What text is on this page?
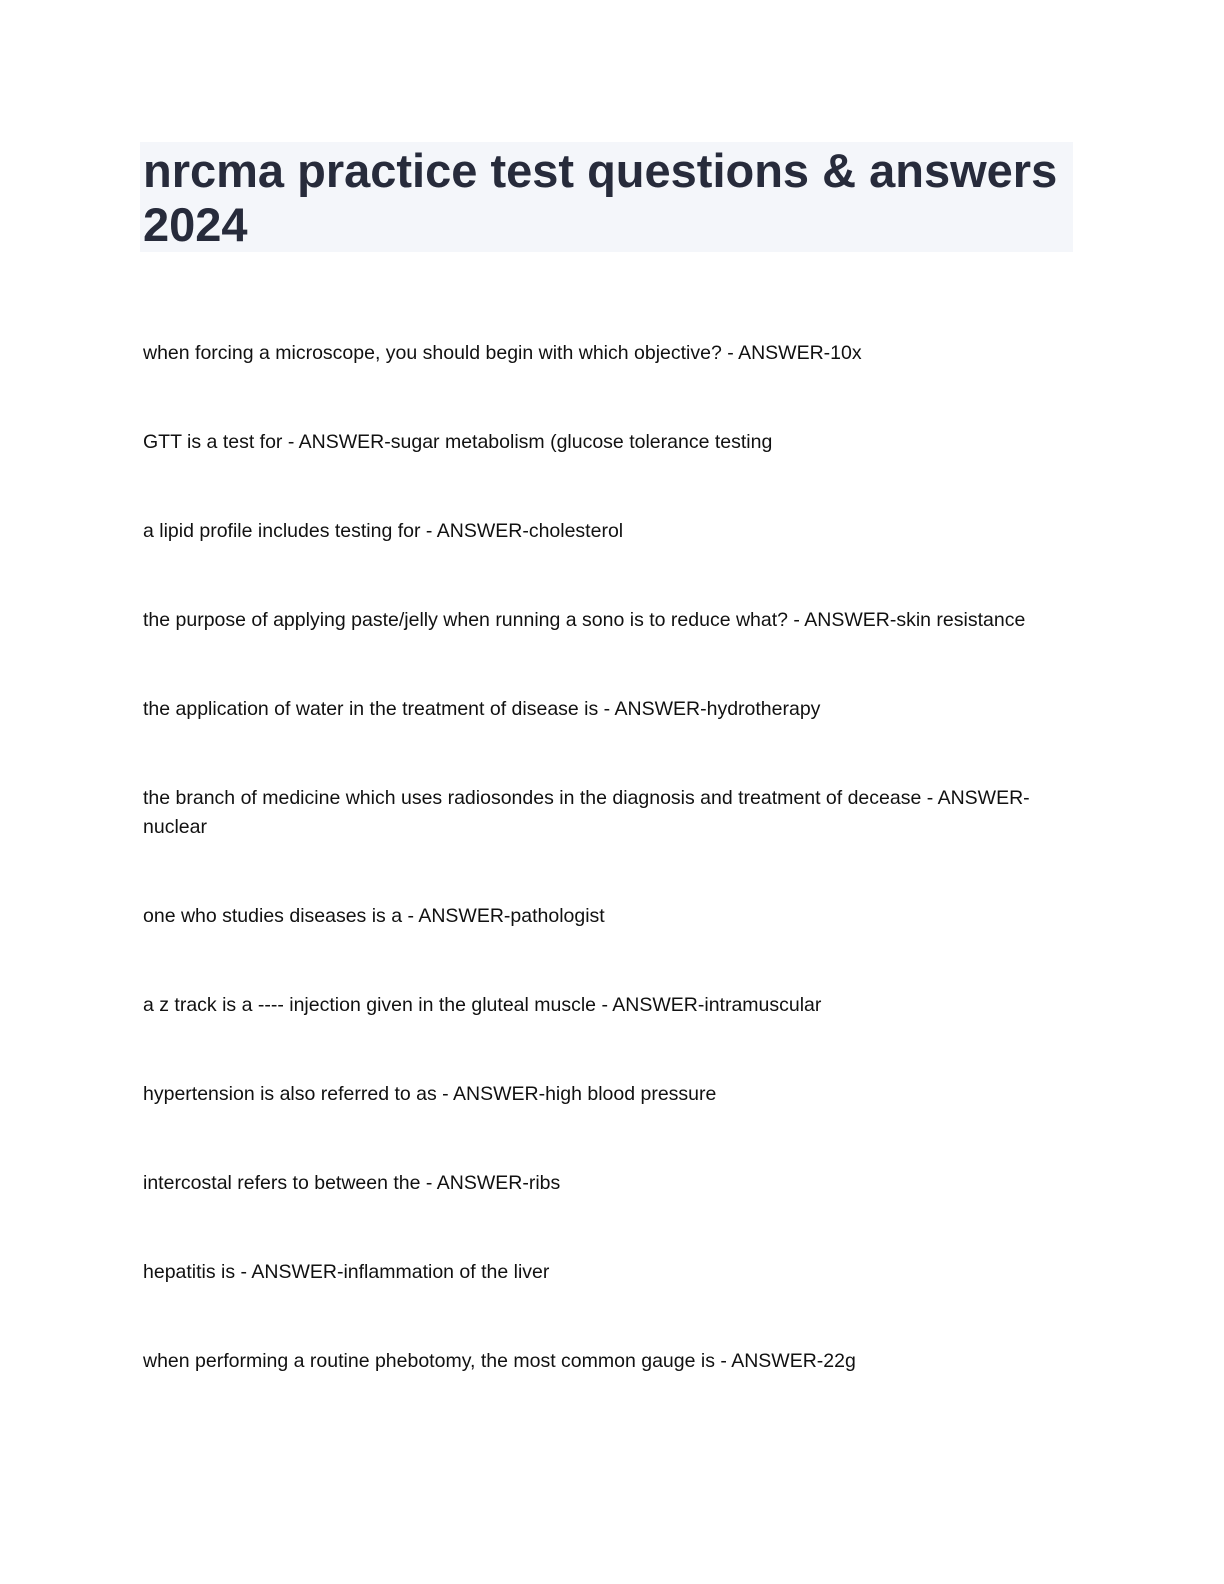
nrcma practice test questions & answers
2024
when forcing a microscope, you should begin with which objective? - ANSWER-10x
GTT is a test for - ANSWER-sugar metabolism (glucose tolerance testing
a lipid profile includes testing for - ANSWER-cholesterol
the purpose of applying paste/jelly when running a sono is to reduce what? - ANSWER-skin resistance
the application of water in the treatment of disease is - ANSWER-hydrotherapy
the branch of medicine which uses radiosondes in the diagnosis and treatment of decease - ANSWER-
nuclear
one who studies diseases is a - ANSWER-pathologist
a z track is a ---- injection given in the gluteal muscle - ANSWER-intramuscular
hypertension is also referred to as - ANSWER-high blood pressure
intercostal refers to between the - ANSWER-ribs
hepatitis is - ANSWER-inflammation of the liver
when performing a routine phebotomy, the most common gauge is - ANSWER-22g
